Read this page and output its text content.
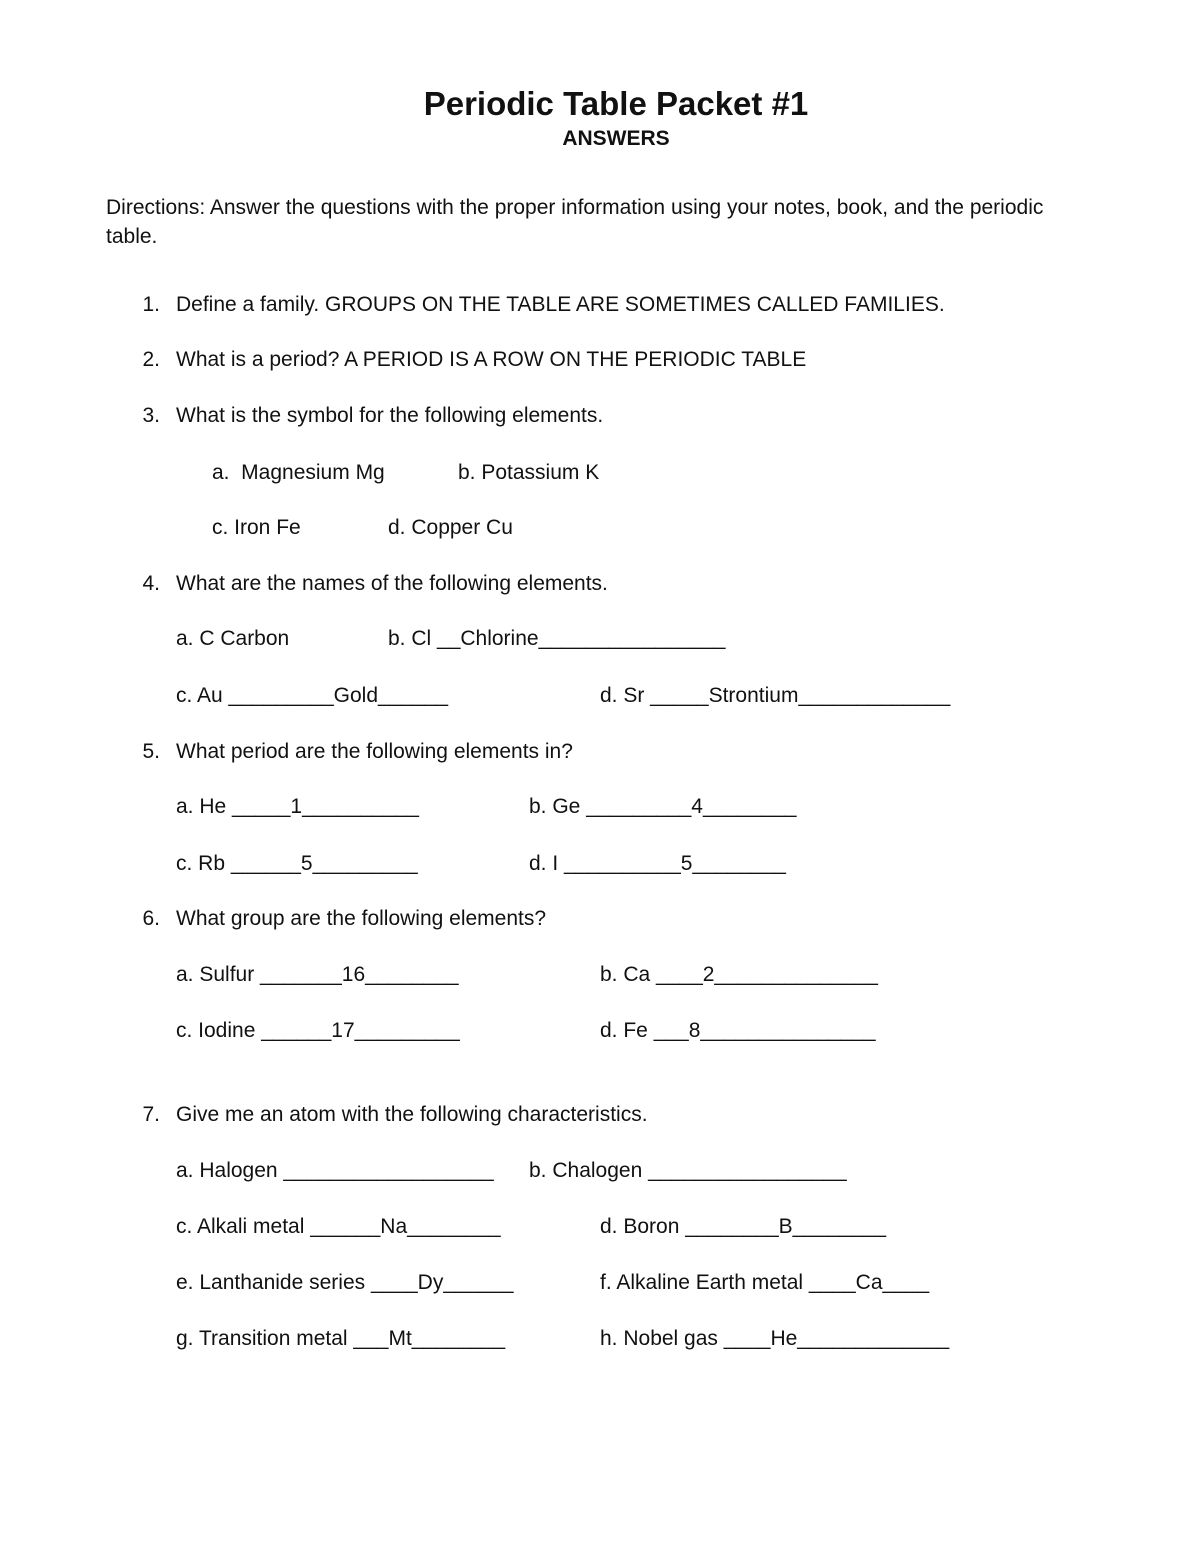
Periodic Table Packet #1
ANSWERS
Directions: Answer the questions with the proper information using your notes, book, and the periodic table.
1. Define a family. GROUPS ON THE TABLE ARE SOMETIMES CALLED FAMILIES.
2. What is a period? A PERIOD IS A ROW ON THE PERIODIC TABLE
3. What is the symbol for the following elements.
a.  Magnesium Mg	b. Potassium K
c. Iron Fe	d. Copper Cu
4. What are the names of the following elements.
a. C Carbon	b. Cl __Chlorine________________
c. Au _________Gold______	d. Sr _____Strontium_____________
5. What period are the following elements in?
a. He _____1__________	b. Ge _________4________
c. Rb ______5_________	d. I __________5________
6. What group are the following elements?
a. Sulfur _______16________	b. Ca ____2______________
c. Iodine ______17_________	d. Fe ___8_______________
7. Give me an atom with the following characteristics.
a. Halogen __________________ b. Chalogen _________________
c. Alkali metal ______Na________	d. Boron ________B________
e. Lanthanide series ____Dy______	f. Alkaline Earth metal ____Ca____
g. Transition metal ___Mt________	h. Nobel gas ____He_____________
